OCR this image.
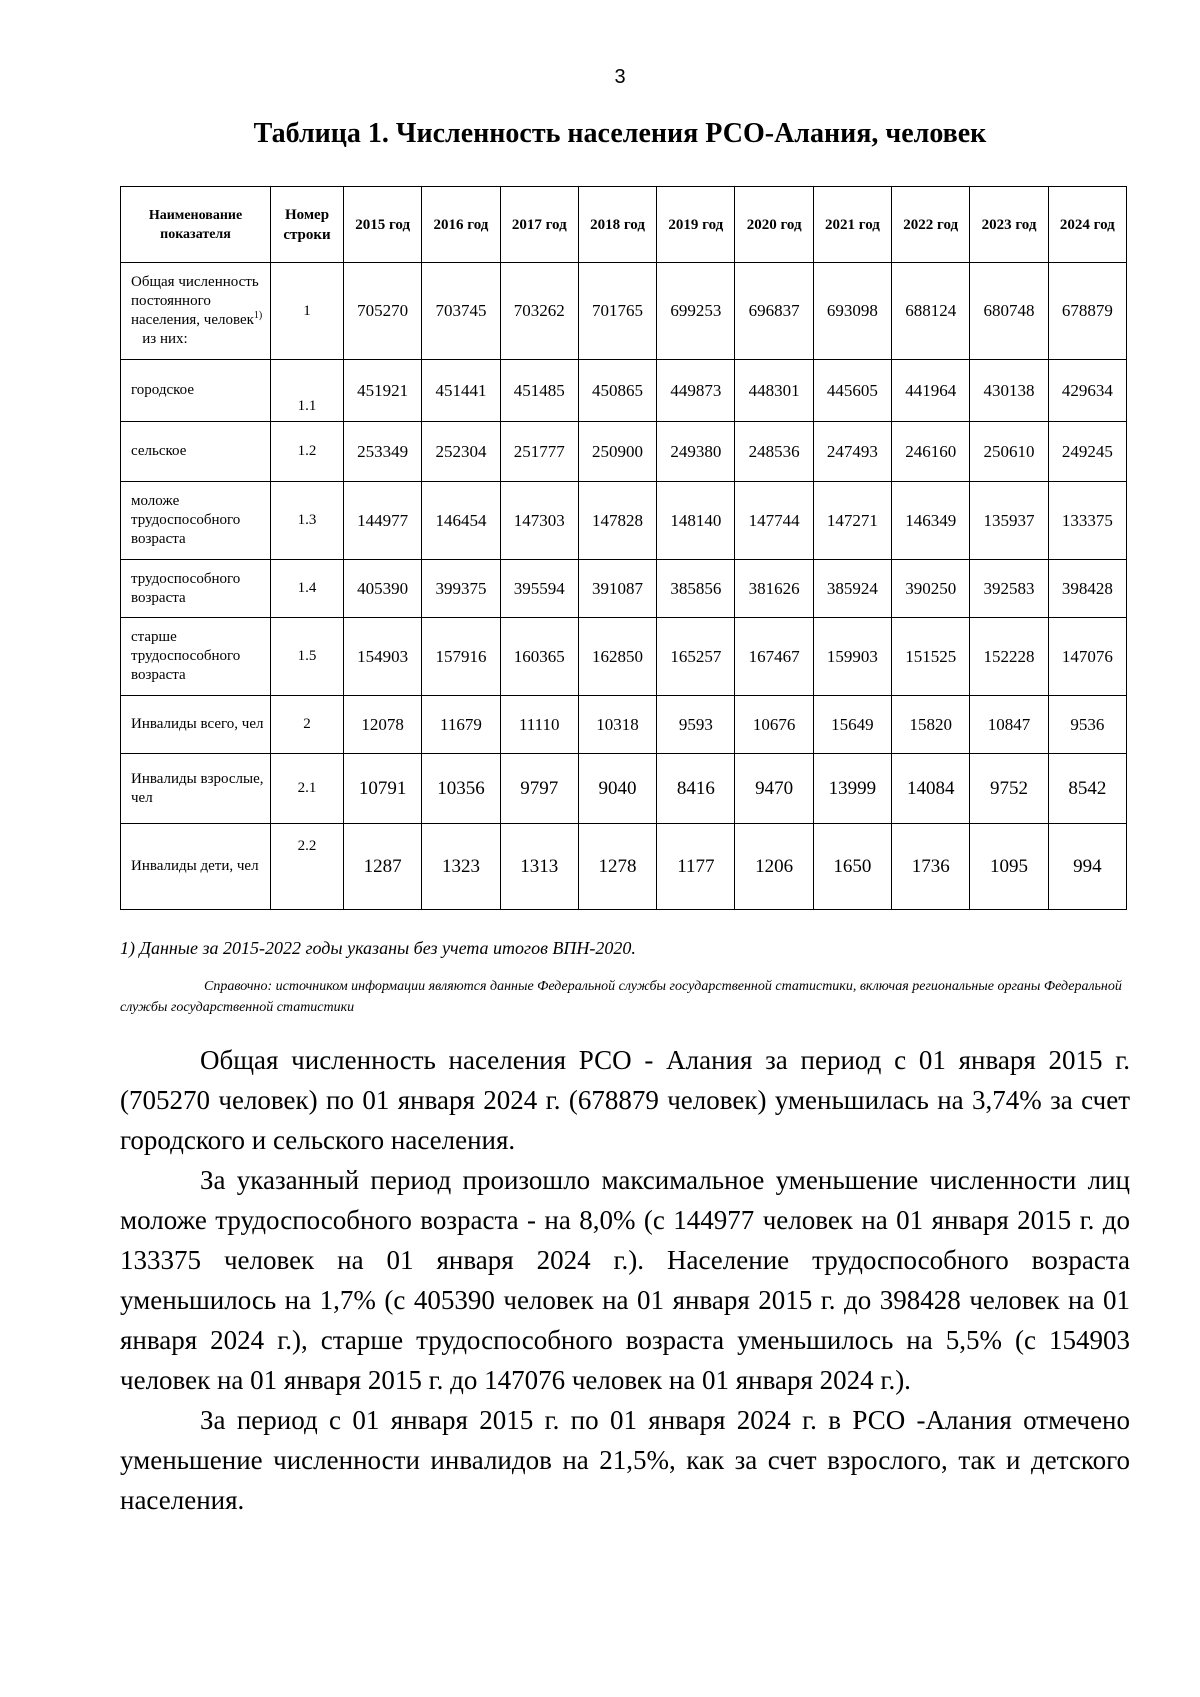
3
Таблица 1. Численность населения РСО-Алания, человек
Наименование показателя	Номер строки	2015 год	2016 год	2017 год	2018 год	2019 год	2020 год	2021 год	2022 год	2023 год	2024 год
Общая численность постоянного населения, человек$^{1)}$   из них:	1	705270	703745	703262	701765	699253	696837	693098	688124	680748	678879
городское	1.1	451921	451441	451485	450865	449873	448301	445605	441964	430138	429634
сельское	1.2	253349	252304	251777	250900	249380	248536	247493	246160	250610	249245
моложе трудоспособного возраста	1.3	144977	146454	147303	147828	148140	147744	147271	146349	135937	133375
трудоспособного возраста	1.4	405390	399375	395594	391087	385856	381626	385924	390250	392583	398428
старше трудоспособного возраста	1.5	154903	157916	160365	162850	165257	167467	159903	151525	152228	147076
Инвалиды всего, чел	2	12078	11679	11110	10318	9593	10676	15649	15820	10847	9536
Инвалиды взрослые, чел	2.1	10791	10356	9797	9040	8416	9470	13999	14084	9752	8542
Инвалиды дети, чел	2.2	1287	1323	1313	1278	1177	1206	1650	1736	1095	994
1) Данные за 2015-2022 годы указаны без учета итогов ВПН-2020.
Справочно: источником информации являются данные Федеральной службы государственной статистики, включая региональные органы Федеральной службы государственной статистики

Общая численность населения РСО - Алания за период с 01 января 2015 г. (705270 человек) по 01 января 2024 г. (678879 человек) уменьшилась на 3,74% за счет городского и сельского населения.

За указанный период произошло максимальное уменьшение численности лиц моложе трудоспособного возраста - на 8,0% (с 144977 человек на 01 января 2015 г. до 133375 человек на 01 января 2024 г.). Население трудоспособного возраста уменьшилось на 1,7% (с 405390 человек на 01 января 2015 г. до 398428 человек на 01 января 2024 г.), старше трудоспособного возраста уменьшилось на 5,5% (с 154903 человек на 01 января 2015 г. до 147076 человек на 01 января 2024 г.).

За период с 01 января 2015 г. по 01 января 2024 г. в РСО -Алания отмечено уменьшение численности инвалидов на 21,5%, как за счет взрослого, так и детского населения.
